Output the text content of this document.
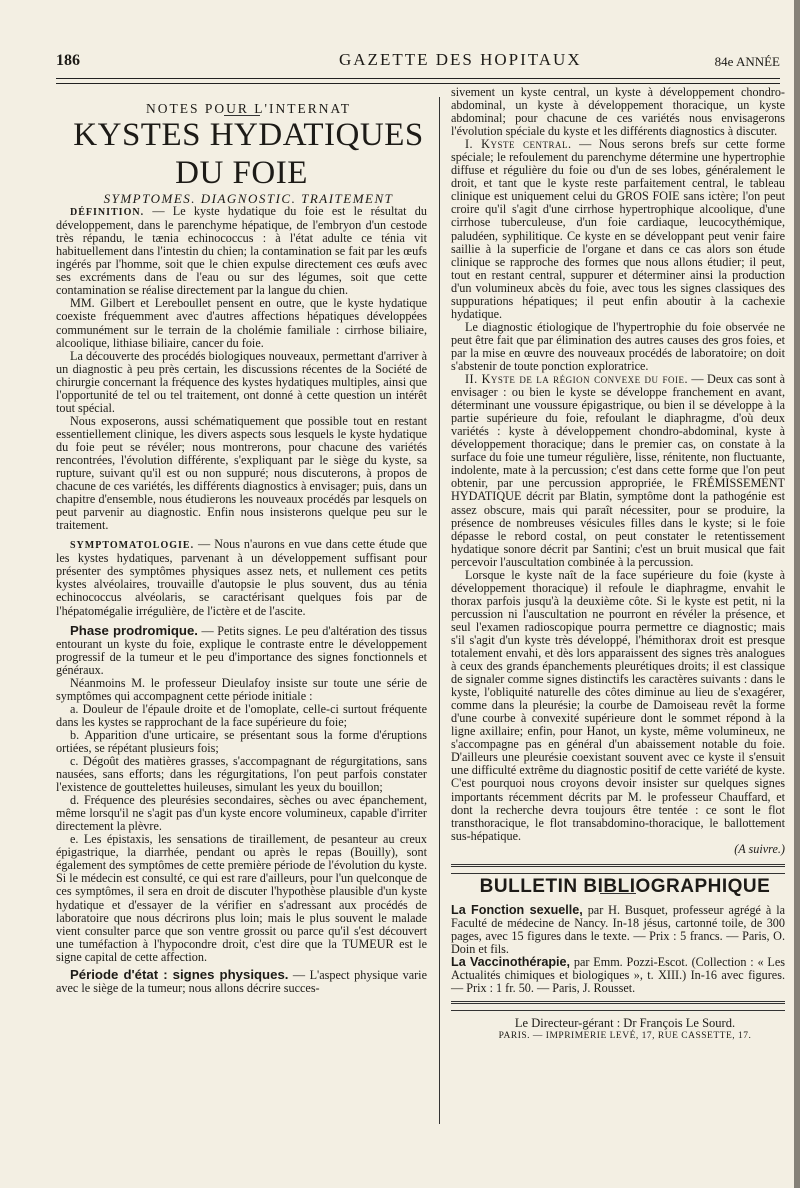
186	GAZETTE DES HOPITAUX	84e ANNÉE

NOTES POUR L'INTERNAT

KYSTES HYDATIQUES DU FOIE

SYMPTOMES. DIAGNOSTIC. TRAITEMENT

DÉFINITION. — Le kyste hydatique du foie est le résultat du développement, dans le parenchyme hépatique, de l'embryon d'un cestode très répandu, le tænia echinococcus : à l'état adulte ce ténia vit habituellement dans l'intestin du chien; la contamination se fait par les œufs ingérés par l'homme, soit que le chien expulse directement ces œufs avec ses excréments dans de l'eau ou sur des légumes, soit que cette contamination se réalise directement par la langue du chien.

MM. Gilbert et Lereboullet pensent en outre, que le kyste hydatique coexiste fréquemment avec d'autres affections hépatiques développées communément sur le terrain de la cholémie familiale : cirrhose biliaire, alcoolique, lithiase biliaire, cancer du foie.

La découverte des procédés biologiques nouveaux, permettant d'arriver à un diagnostic à peu près certain, les discussions récentes de la Société de chirurgie concernant la fréquence des kystes hydatiques multiples, ainsi que l'opportunité de tel ou tel traitement, ont donné à cette question un intérêt tout spécial.

Nous exposerons, aussi schématiquement que possible tout en restant essentiellement clinique, les divers aspects sous lesquels le kyste hydatique du foie peut se révéler; nous montrerons, pour chacune des variétés rencontrées, l'évolution différente, s'expliquant par le siège du kyste, sa rupture, suivant qu'il est ou non suppuré; nous discuterons, à propos de chacune de ces variétés, les différents diagnostics à envisager; puis, dans un chapitre d'ensemble, nous étudierons les nouveaux procédés par lesquels on peut parvenir au diagnostic. Enfin nous insisterons quelque peu sur le traitement.

SYMPTOMATOLOGIE. — Nous n'aurons en vue dans cette étude que les kystes hydatiques, parvenant à un développement suffisant pour présenter des symptômes physiques assez nets, et nullement ces petits kystes alvéolaires, trouvaille d'autopsie le plus souvent, dus au ténia echinococcus alvéolaris, se caractérisant quelques fois par de l'hépatomégalie irrégulière, de l'ictère et de l'ascite.

Phase prodromique. — Petits signes. Le peu d'altération des tissus entourant un kyste du foie, explique le contraste entre le développement progressif de la tumeur et le peu d'importance des signes fonctionnels et généraux.

Néanmoins M. le professeur Dieulafoy insiste sur toute une série de symptômes qui accompagnent cette période initiale :

a. Douleur de l'épaule droite et de l'omoplate, celle-ci surtout fréquente dans les kystes se rapprochant de la face supérieure du foie;

b. Apparition d'une urticaire, se présentant sous la forme d'éruptions ortiées, se répétant plusieurs fois;

c. Dégoût des matières grasses, s'accompagnant de régurgitations, sans nausées, sans efforts; dans les régurgitations, l'on peut parfois constater l'existence de gouttelettes huileuses, simulant les yeux du bouillon;

d. Fréquence des pleurésies secondaires, sèches ou avec épanchement, même lorsqu'il ne s'agit pas d'un kyste encore volumineux, capable d'irriter directement la plèvre.

e. Les épistaxis, les sensations de tiraillement, de pesanteur au creux épigastrique, la diarrhée, pendant ou après le repas (Bouilly), sont également des symptômes de cette première période de l'évolution du kyste. Si le médecin est consulté, ce qui est rare d'ailleurs, pour l'un quelconque de ces symptômes, il sera en droit de discuter l'hypothèse plausible d'un kyste hydatique et d'essayer de la vérifier en s'adressant aux procédés de laboratoire que nous décrirons plus loin; mais le plus souvent le malade vient consulter parce que son ventre grossit ou parce qu'il s'est découvert une tuméfaction à l'hypocondre droit, c'est dire que la TUMEUR est le signe capital de cette affection.

Période d'état : signes physiques. — L'aspect physique varie avec le siège de la tumeur; nous allons décrire succes-

sivement un kyste central, un kyste à développement chondro-abdominal, un kyste à développement thoracique, un kyste abdominal; pour chacune de ces variétés nous envisagerons l'évolution spéciale du kyste et les différents diagnostics à discuter.

I. Kyste central. — Nous serons brefs sur cette forme spéciale; le refoulement du parenchyme détermine une hypertrophie diffuse et régulière du foie ou d'un de ses lobes, généralement le droit, et tant que le kyste reste parfaitement central, le tableau clinique est uniquement celui du GROS FOIE sans ictère; l'on peut croire qu'il s'agit d'une cirrhose hypertrophique alcoolique, d'une cirrhose tuberculeuse, d'un foie cardiaque, leucocythémique, paludéen, syphilitique. Ce kyste en se développant peut venir faire saillie à la superficie de l'organe et dans ce cas alors son étude clinique se rapproche des formes que nous allons étudier; il peut, tout en restant central, suppurer et déterminer ainsi la production d'un volumineux abcès du foie, avec tous les signes classiques des suppurations hépatiques; il peut enfin aboutir à la cachexie hydatique.

Le diagnostic étiologique de l'hypertrophie du foie observée ne peut être fait que par élimination des autres causes des gros foies, et par la mise en œuvre des nouveaux procédés de laboratoire; on doit s'abstenir de toute ponction exploratrice.

II. Kyste de la région convexe du foie. — Deux cas sont à envisager : ou bien le kyste se développe franchement en avant, déterminant une voussure épigastrique, ou bien il se développe à la partie supérieure du foie, refoulant le diaphragme, d'où deux variétés : kyste à développement chondro-abdominal, kyste à développement thoracique; dans le premier cas, on constate à la surface du foie une tumeur régulière, lisse, rénitente, non fluctuante, indolente, mate à la percussion; c'est dans cette forme que l'on peut obtenir, par une percussion appropriée, le FRÉMISSEMENT HYDATIQUE décrit par Blatin, symptôme dont la pathogénie est assez obscure, mais qui paraît nécessiter, pour se produire, la présence de nombreuses vésicules filles dans le kyste; si le foie dépasse le rebord costal, on peut constater le retentissement hydatique sonore décrit par Santini; c'est un bruit musical que fait percevoir l'auscultation combinée à la percussion.

Lorsque le kyste naît de la face supérieure du foie (kyste à développement thoracique) il refoule le diaphragme, envahit le thorax parfois jusqu'à la deuxième côte. Si le kyste est petit, ni la percussion ni l'auscultation ne pourront en révéler la présence, et seul l'examen radioscopique pourra permettre ce diagnostic; mais s'il s'agit d'un kyste très développé, l'hémithorax droit est presque totalement envahi, et dès lors apparaissent des signes très analogues à ceux des grands épanchements pleurétiques droits; il est classique de signaler comme signes distinctifs les caractères suivants : dans le kyste, l'obliquité naturelle des côtes diminue au lieu de s'exagérer, comme dans la pleurésie; la courbe de Damoiseau revêt la forme d'une courbe à convexité supérieure dont le sommet répond à la ligne axillaire; enfin, pour Hanot, un kyste, même volumineux, ne s'accompagne pas en général d'un abaissement notable du foie. D'ailleurs une pleurésie coexistant souvent avec ce kyste il s'ensuit une difficulté extrême du diagnostic positif de cette variété de kyste. C'est pourquoi nous croyons devoir insister sur quelques signes importants récemment décrits par M. le professeur Chauffard, et dont la recherche devra toujours être tentée : ce sont le flot transthoracique, le flot transabdomino-thoracique, le ballottement sus-hépatique.

(A suivre.)

BULLETIN BIBLIOGRAPHIQUE

La Fonction sexuelle, par H. Busquet, professeur agrégé à la Faculté de médecine de Nancy. In-18 jésus, cartonné toile, de 300 pages, avec 15 figures dans le texte. — Prix : 5 francs. — Paris, O. Doin et fils.

La Vaccinothérapie, par Emm. Pozzi-Escot. (Collection : « Les Actualités chimiques et biologiques », t. XIII.) In-16 avec figures. — Prix : 1 fr. 50. — Paris, J. Rousset.

Le Directeur-gérant : Dr François Le Sourd.

PARIS. — IMPRIMERIE LEVÉ, 17, RUE CASSETTE, 17.
